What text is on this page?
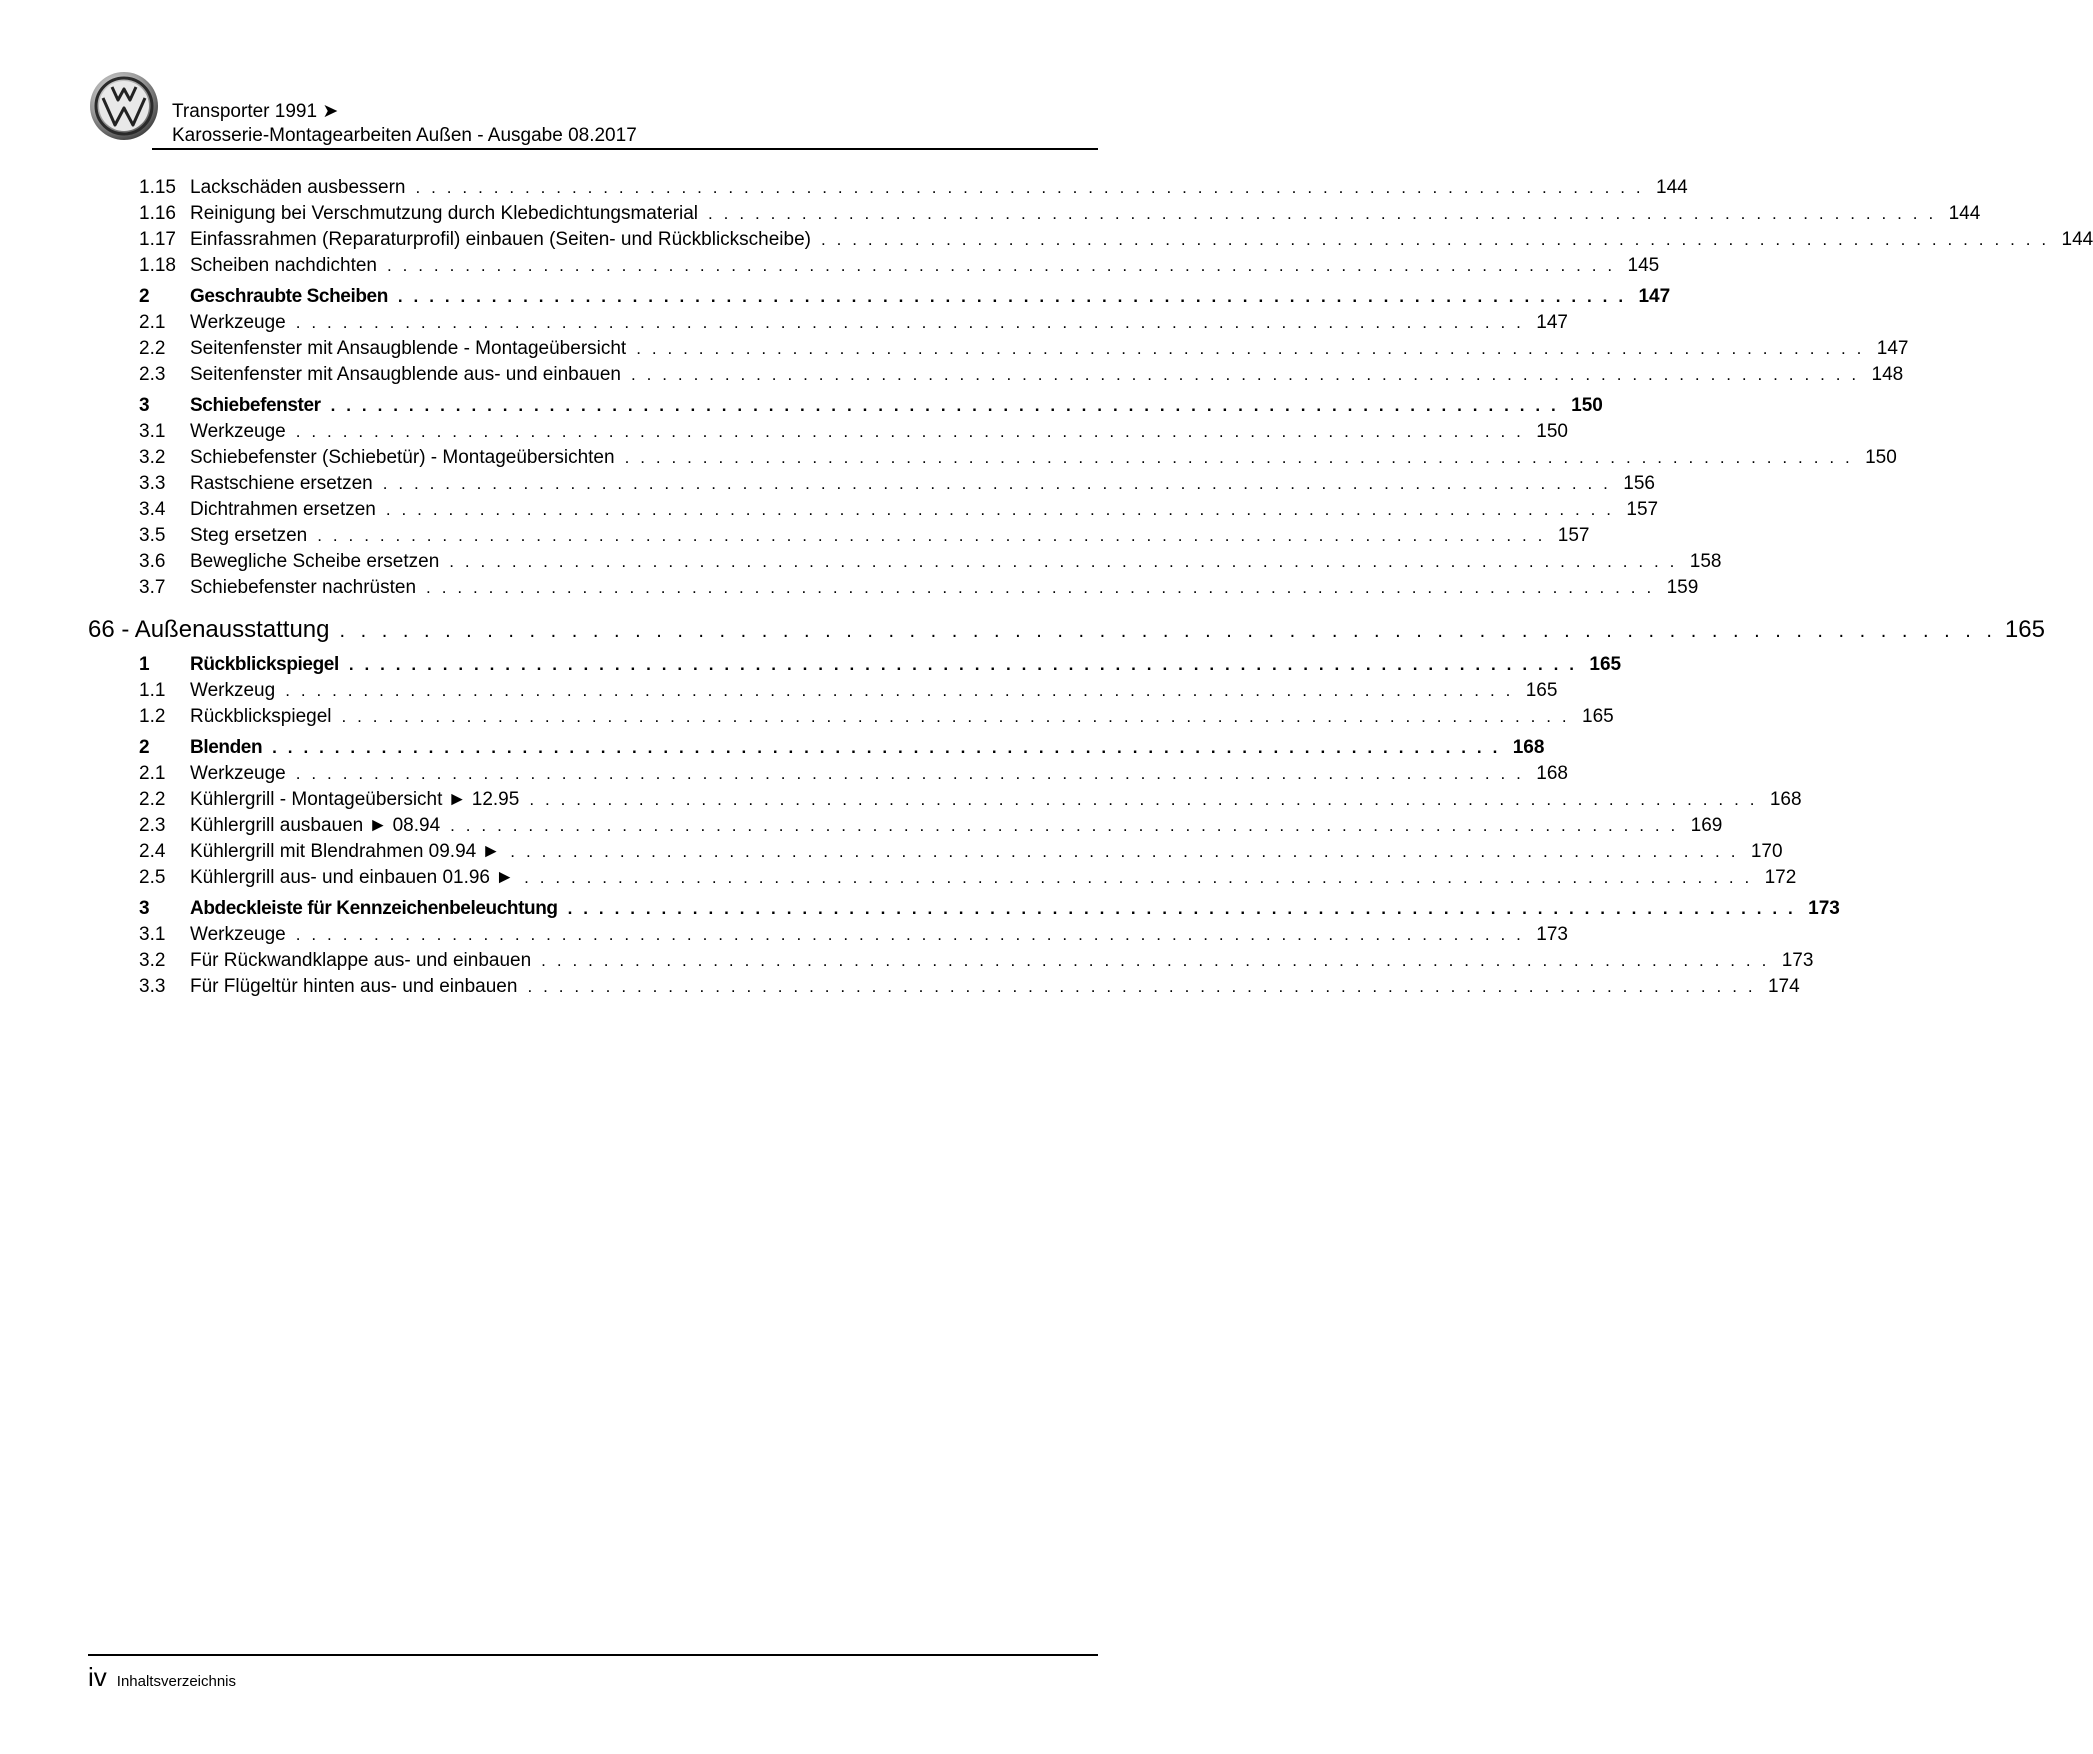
Transporter 1991 ➤
Karosserie-Montagearbeiten Außen - Ausgabe 08.2017
1.15 Lackschäden ausbessern . . . . . . . . . . . . . . . . . . . . . . . . . . . . . . . . . . . . . . . . . . . . . . . . . . . . . . . . . . . . . . . . . . . . . . . . . . . . . . . 144
1.16 Reinigung bei Verschmutzung durch Klebedichtungsmaterial . . . . . . . . . . . . . . . . . . . . . . . . . . . . . . . . . . . . . . . . . . . . . . . . . . . . . . . . . . . . . . . . . . . . . . . . . . . . . . . 144
1.17 Einfassrahmen (Reparaturprofil) einbauen (Seiten- und Rückblickscheibe) . . . . . . . . . . . . . . . . . . . . . . . . . . . . . . . . . . . . . . . . . . . . . . . . . . . . . . . . . . . . . . . . . . . . . . . . . . . . . . . 144
1.18 Scheiben nachdichten . . . . . . . . . . . . . . . . . . . . . . . . . . . . . . . . . . . . . . . . . . . . . . . . . . . . . . . . . . . . . . . . . . . . . . . . . . . . . . . 145
2	Geschraubte Scheiben . . . . . . . . . . . . . . . . . . . . . . . . . . . . . . . . . . . . . . . . . . . . . . . . . . . . . . . . . . . . . . . . . . . . . . . . . . . . . . . 147
2.1	Werkzeuge . . . . . . . . . . . . . . . . . . . . . . . . . . . . . . . . . . . . . . . . . . . . . . . . . . . . . . . . . . . . . . . . . . . . . . . . . . . . . . . 147
2.2	Seitenfenster mit Ansaugblende - Montageübersicht . . . . . . . . . . . . . . . . . . . . . . . . . . . . . . . . . . . . . . . . . . . . . . . . . . . . . . . . . . . . . . . . . . . . . . . . . . . . . . . 147
2.3	Seitenfenster mit Ansaugblende aus- und einbauen . . . . . . . . . . . . . . . . . . . . . . . . . . . . . . . . . . . . . . . . . . . . . . . . . . . . . . . . . . . . . . . . . . . . . . . . . . . . . . . 148
3	Schiebefenster . . . . . . . . . . . . . . . . . . . . . . . . . . . . . . . . . . . . . . . . . . . . . . . . . . . . . . . . . . . . . . . . . . . . . . . . . . . . . . . 150
3.1	Werkzeuge . . . . . . . . . . . . . . . . . . . . . . . . . . . . . . . . . . . . . . . . . . . . . . . . . . . . . . . . . . . . . . . . . . . . . . . . . . . . . . . 150
3.2	Schiebefenster (Schiebetür) - Montageübersichten . . . . . . . . . . . . . . . . . . . . . . . . . . . . . . . . . . . . . . . . . . . . . . . . . . . . . . . . . . . . . . . . . . . . . . . . . . . . . . . 150
3.3	Rastschiene ersetzen . . . . . . . . . . . . . . . . . . . . . . . . . . . . . . . . . . . . . . . . . . . . . . . . . . . . . . . . . . . . . . . . . . . . . . . . . . . . . . . 156
3.4	Dichtrahmen ersetzen . . . . . . . . . . . . . . . . . . . . . . . . . . . . . . . . . . . . . . . . . . . . . . . . . . . . . . . . . . . . . . . . . . . . . . . . . . . . . . . 157
3.5	Steg ersetzen . . . . . . . . . . . . . . . . . . . . . . . . . . . . . . . . . . . . . . . . . . . . . . . . . . . . . . . . . . . . . . . . . . . . . . . . . . . . . . . 157
3.6	Bewegliche Scheibe ersetzen . . . . . . . . . . . . . . . . . . . . . . . . . . . . . . . . . . . . . . . . . . . . . . . . . . . . . . . . . . . . . . . . . . . . . . . . . . . . . . . 158
3.7	Schiebefenster nachrüsten . . . . . . . . . . . . . . . . . . . . . . . . . . . . . . . . . . . . . . . . . . . . . . . . . . . . . . . . . . . . . . . . . . . . . . . . . . . . . . . 159
66 - Außenausstattung . . . . . . . . . . . . . . . . . . . . . . . . . . . . . . . . . . . . . . . . . . . . . . . . . . . . . . . . . . . . . . . . . . . . . . . . . . . . . . . 165
1	Rückblickspiegel . . . . . . . . . . . . . . . . . . . . . . . . . . . . . . . . . . . . . . . . . . . . . . . . . . . . . . . . . . . . . . . . . . . . . . . . . . . . . . . 165
1.1	Werkzeug . . . . . . . . . . . . . . . . . . . . . . . . . . . . . . . . . . . . . . . . . . . . . . . . . . . . . . . . . . . . . . . . . . . . . . . . . . . . . . . 165
1.2	Rückblickspiegel . . . . . . . . . . . . . . . . . . . . . . . . . . . . . . . . . . . . . . . . . . . . . . . . . . . . . . . . . . . . . . . . . . . . . . . . . . . . . . . 165
2	Blenden . . . . . . . . . . . . . . . . . . . . . . . . . . . . . . . . . . . . . . . . . . . . . . . . . . . . . . . . . . . . . . . . . . . . . . . . . . . . . . . 168
2.1	Werkzeuge . . . . . . . . . . . . . . . . . . . . . . . . . . . . . . . . . . . . . . . . . . . . . . . . . . . . . . . . . . . . . . . . . . . . . . . . . . . . . . . 168
2.2	Kühlergrill - Montageübersicht ► 12.95 . . . . . . . . . . . . . . . . . . . . . . . . . . . . . . . . . . . . . . . . . . . . . . . . . . . . . . . . . . . . . . . . . . . . . . . . . . . . . . . 168
2.3	Kühlergrill ausbauen ► 08.94 . . . . . . . . . . . . . . . . . . . . . . . . . . . . . . . . . . . . . . . . . . . . . . . . . . . . . . . . . . . . . . . . . . . . . . . . . . . . . . . 169
2.4	Kühlergrill mit Blendrahmen 09.94 ► . . . . . . . . . . . . . . . . . . . . . . . . . . . . . . . . . . . . . . . . . . . . . . . . . . . . . . . . . . . . . . . . . . . . . . . . . . . . . . . 170
2.5	Kühlergrill aus- und einbauen 01.96 ► . . . . . . . . . . . . . . . . . . . . . . . . . . . . . . . . . . . . . . . . . . . . . . . . . . . . . . . . . . . . . . . . . . . . . . . . . . . . . . . 172
3	Abdeckleiste für Kennzeichenbeleuchtung . . . . . . . . . . . . . . . . . . . . . . . . . . . . . . . . . . . . . . . . . . . . . . . . . . . . . . . . . . . . . . . . . . . . . . . . . . . . . . . 173
3.1	Werkzeuge . . . . . . . . . . . . . . . . . . . . . . . . . . . . . . . . . . . . . . . . . . . . . . . . . . . . . . . . . . . . . . . . . . . . . . . . . . . . . . . 173
3.2	Für Rückwandklappe aus- und einbauen . . . . . . . . . . . . . . . . . . . . . . . . . . . . . . . . . . . . . . . . . . . . . . . . . . . . . . . . . . . . . . . . . . . . . . . . . . . . . . . 173
3.3	Für Flügeltür hinten aus- und einbauen . . . . . . . . . . . . . . . . . . . . . . . . . . . . . . . . . . . . . . . . . . . . . . . . . . . . . . . . . . . . . . . . . . . . . . . . . . . . . . . 174
iv Inhaltsverzeichnis
